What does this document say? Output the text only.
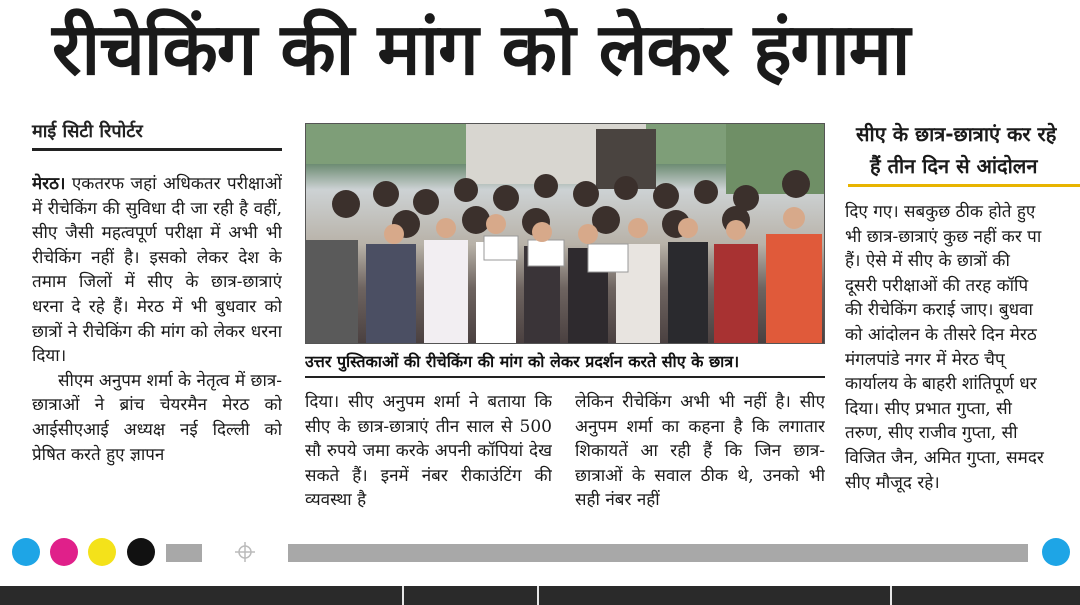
रीचेकिंग की मांग को लेकर हंगामा
माई सिटी रिपोर्टर

मेरठ। एकतरफ जहां अधिकतर परीक्षाओं में रीचेकिंग की सुविधा दी जा रही है वहीं, सीए जैसी महत्वपूर्ण परीक्षा में अभी भी रीचेकिंग नहीं है। इसको लेकर देश के तमाम जिलों में सीए के छात्र-छात्राएं धरना दे रहे हैं। मेरठ में भी बुधवार को छात्रों ने रीचेकिंग की मांग को लेकर धरना दिया।

सीएम अनुपम शर्मा के नेतृत्व में छात्र-छात्राओं ने ब्रांच चेयरमैन मेरठ को आईसीएआई अध्यक्ष नई दिल्ली को प्रेषित करते हुए ज्ञापन

उत्तर पुस्तिकाओं की रीचेकिंग की मांग को लेकर प्रदर्शन करते सीए के छात्र।
दिया। सीए अनुपम शर्मा ने बताया कि सीए के छात्र-छात्राएं तीन साल से 500 सौ रुपये जमा करके अपनी कॉपियां देख सकते हैं। इनमें नंबर रीकाउंटिंग की व्यवस्था है
लेकिन रीचेकिंग अभी भी नहीं है। सीए अनुपम शर्मा का कहना है कि लगातार शिकायतें आ रही हैं कि जिन छात्र-छात्राओं के सवाल ठीक थे, उनको भी सही नंबर नहीं
सीए के छात्र-छात्राएं कर रहे
हैं तीन दिन से आंदोलन
दिए गए। सबकुछ ठीक होते हुए
भी छात्र-छात्राएं कुछ नहीं कर पा
हैं। ऐसे में सीए के छात्रों की
दूसरी परीक्षाओं की तरह कॉपि
की रीचेकिंग कराई जाए। बुधवा
को आंदोलन के तीसरे दिन मेरठ
मंगलपांडे नगर में मेरठ चैप्
कार्यालय के बाहरी शांतिपूर्ण धर
दिया। सीए प्रभात गुप्ता, सी
तरुण, सीए राजीव गुप्ता, सी
विजित जैन, अमित गुप्ता, समदर
सीए मौजूद रहे।
